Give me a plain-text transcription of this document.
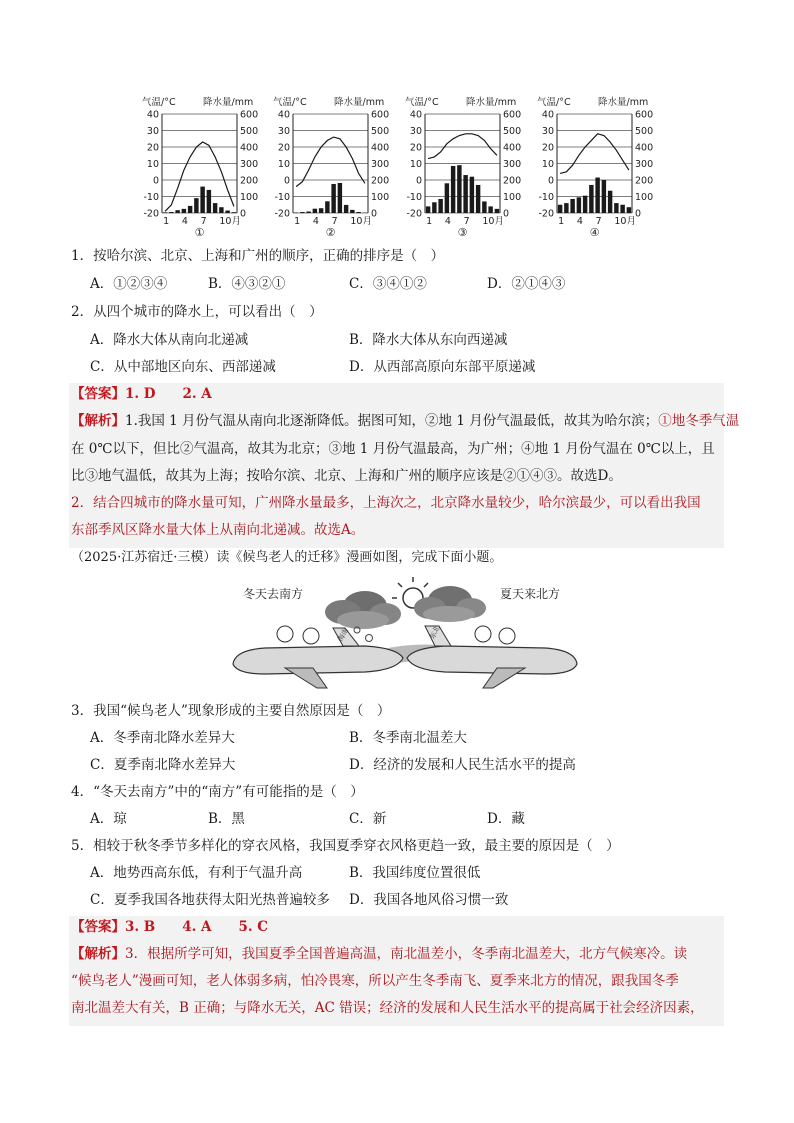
气温/°C	降水量/mm
40
30
20
10
0
-10
-20
600
500
400
300
200
100
0
1 4 7 10月
①
气温/°C	降水量/mm
40
30
20
10
0
-10
-20
600
500
400
300
200
100
0
1 4 7 10月
②
气温/°C	降水量/mm
40
30
20
10
0
-10
-20
600
500
400
300
200
100
0
1 4 7 10月
③
气温/°C	降水量/mm
40
30
20
10
0
-10
-20
600
500
400
300
200
100
0
1 4 7 10月
④
1．按哈尔滨、北京、上海和广州的顺序，正确的排序是（　）
A．①②③④	B．④③②①	C．③④①②	D．②①④③
2．从四个城市的降水上，可以看出（　）
A．降水大体从南向北递减	B．降水大体从东向西递减
C．从中部地区向东、西部递减	D．从西部高原向东部平原递减
【答案】1. D　　2. A
【解析】1.我国 1 月份气温从南向北逐渐降低。据图可知，②地 1 月份气温最低，故其为哈尔滨；①地冬季气温
在 0℃以下，但比②气温高，故其为北京；③地 1 月份气温最高，为广州；④地 1 月份气温在 0℃以上，且
比③地气温低，故其为上海；按哈尔滨、北京、上海和广州的顺序应该是②①④③。故选D。
2．结合四城市的降水量可知，广州降水量最多，上海次之，北京降水量较少，哈尔滨最少，可以看出我国
东部季风区降水量大体上从南向北递减。故选A。
（2025·江苏宿迁·三模）读《候鸟老人的迁移》漫画如图，完成下面小题。
冬天去南方	夏天来北方
海南	东北
3．我国“候鸟老人”现象形成的主要自然原因是（　）
A．冬季南北降水差异大	B．冬季南北温差大
C．夏季南北降水差异大	D．经济的发展和人民生活水平的提高
4．“冬天去南方”中的“南方”有可能指的是（　）
A．琼	B．黑	C．新	D．藏
5．相较于秋冬季节多样化的穿衣风格，我国夏季穿衣风格更趋一致，最主要的原因是（　）
A．地势西高东低，有利于气温升高	B．我国纬度位置很低
C．夏季我国各地获得太阳光热普遍较多 D．我国各地风俗习惯一致
【答案】3. B　　4. A　　5. C
【解析】3．根据所学可知，我国夏季全国普遍高温，南北温差小，冬季南北温差大，北方气候寒冷。读
“候鸟老人”漫画可知，老人体弱多病，怕冷畏寒，所以产生冬季南飞、夏季来北方的情况，跟我国冬季
南北温差大有关，B 正确；与降水无关，AC 错误；经济的发展和人民生活水平的提高属于社会经济因素，
